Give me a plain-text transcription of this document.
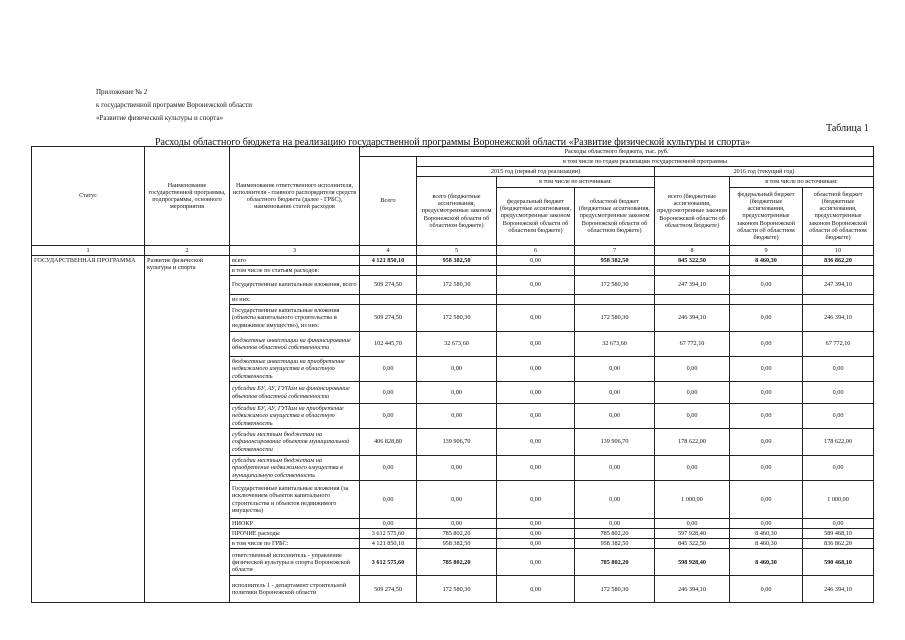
Приложение № 2
к государственной программе Воронежской области
«Развитие физической культуры и спорта»
Таблица 1
Расходы областного бюджета на реализацию государственной программы Воронежской области «Развитие физической культуры и спорта»
Статус	Наименование государственной программы, подпрограммы, основного мероприятия	Наименование ответственного исполнителя, исполнителя - главного распорядителя средств областного бюджета (далее - ГРБС), наименование статей расходов	Расходы областного бюджета, тыс. руб.						
			Всего	в том числе по годам реализации государственной программы					
				2015 год (первый год реализации)			2016 год (текущий год)		
				всего (бюджетные ассигнования, предусмотренные законом Воронежской области об областном бюджете)	в том числе по источникам:		всего (бюджетные ассигнования, предусмотренные законом Воронежской области об областном бюджете)	в том числе по источникам:	
					федеральный бюджет (бюджетные ассигнования, предусмотренные законом Воронежской области об областном бюджете)	областной бюджет (бюджетные ассигнования, предусмотренные законом Воронежской области об областном бюджете)		федеральный бюджет (бюджетные ассигнования, предусмотренные законом Воронежской области об областном бюджете)	областной бюджет (бюджетные ассигнования, предусмотренные законом Воронежской области об областном бюджете)
1	2	3	4	5	6	7	8	9	10
ГОСУДАРСТВЕННАЯ ПРОГРАММА	Развитие физической культуры и спорта	всего	4 121 850,10	958 382,50	0,00	958 382,50	845 322,50	8 460,30	836 862,20
		в том числе по статьям расходов:							
		Государственные капитальные вложения, всего	509 274,50	172 580,30	0,00	172 580,30	247 394,10	0,00	247 394,10
		из них:							
		Государственные капитальные вложения (объекты капитального строительства и недвижимое имущество), из них:	509 274,50	172 580,30	0,00	172 580,30	246 394,10	0,00	246 394,10
		бюджетные инвестиции на финансирование объектов областной собственности	102 445,70	32 673,60	0,00	32 673,60	67 772,10	0,00	67 772,10
		бюджетные инвестиции на приобретение недвижимого имущества в областную собственность	0,00	0,00	0,00	0,00	0,00	0,00	0,00
		субсидии БУ, АУ, ГУПам на финансирование объектов областной собственности	0,00	0,00	0,00	0,00	0,00	0,00	0,00
		субсидии БУ, АУ, ГУПам на приобретение недвижимого имущества в областную собственность	0,00	0,00	0,00	0,00	0,00	0,00	0,00
		субсидии местным бюджетам на софинансирование объектов муниципальной собственности	406 828,80	139 906,70	0,00	139 906,70	178 622,00	0,00	178 622,00
		субсидии местным бюджетам на приобретение недвижимого имущества в муниципальную собственность	0,00	0,00	0,00	0,00	0,00	0,00	0,00
		Государственные капитальные вложения (за исключением объектов капитального строительства и объектов недвижимого имущества)	0,00	0,00	0,00	0,00	1 000,00	0,00	1 000,00
		НИОКР	0,00	0,00	0,00	0,00	0,00	0,00	0,00
		ПРОЧИЕ расходы	3 612 575,60	785 802,20	0,00	785 802,20	597 928,40	8 460,30	589 468,10
		в том числе по ГРБС:	4 121 850,10	958 382,50	0,00	958 382,50	845 322,50	8 460,30	836 862,20
		ответственный исполнитель - управление физической культуры и спорта Воронежской области	3 612 575,60	785 802,20	0,00	785 802,20	598 928,40	8 460,30	590 468,10
		исполнитель 1 - департамент строительной политики Воронежской области	509 274,50	172 580,30	0,00	172 580,30	246 394,10	0,00	246 394,10
